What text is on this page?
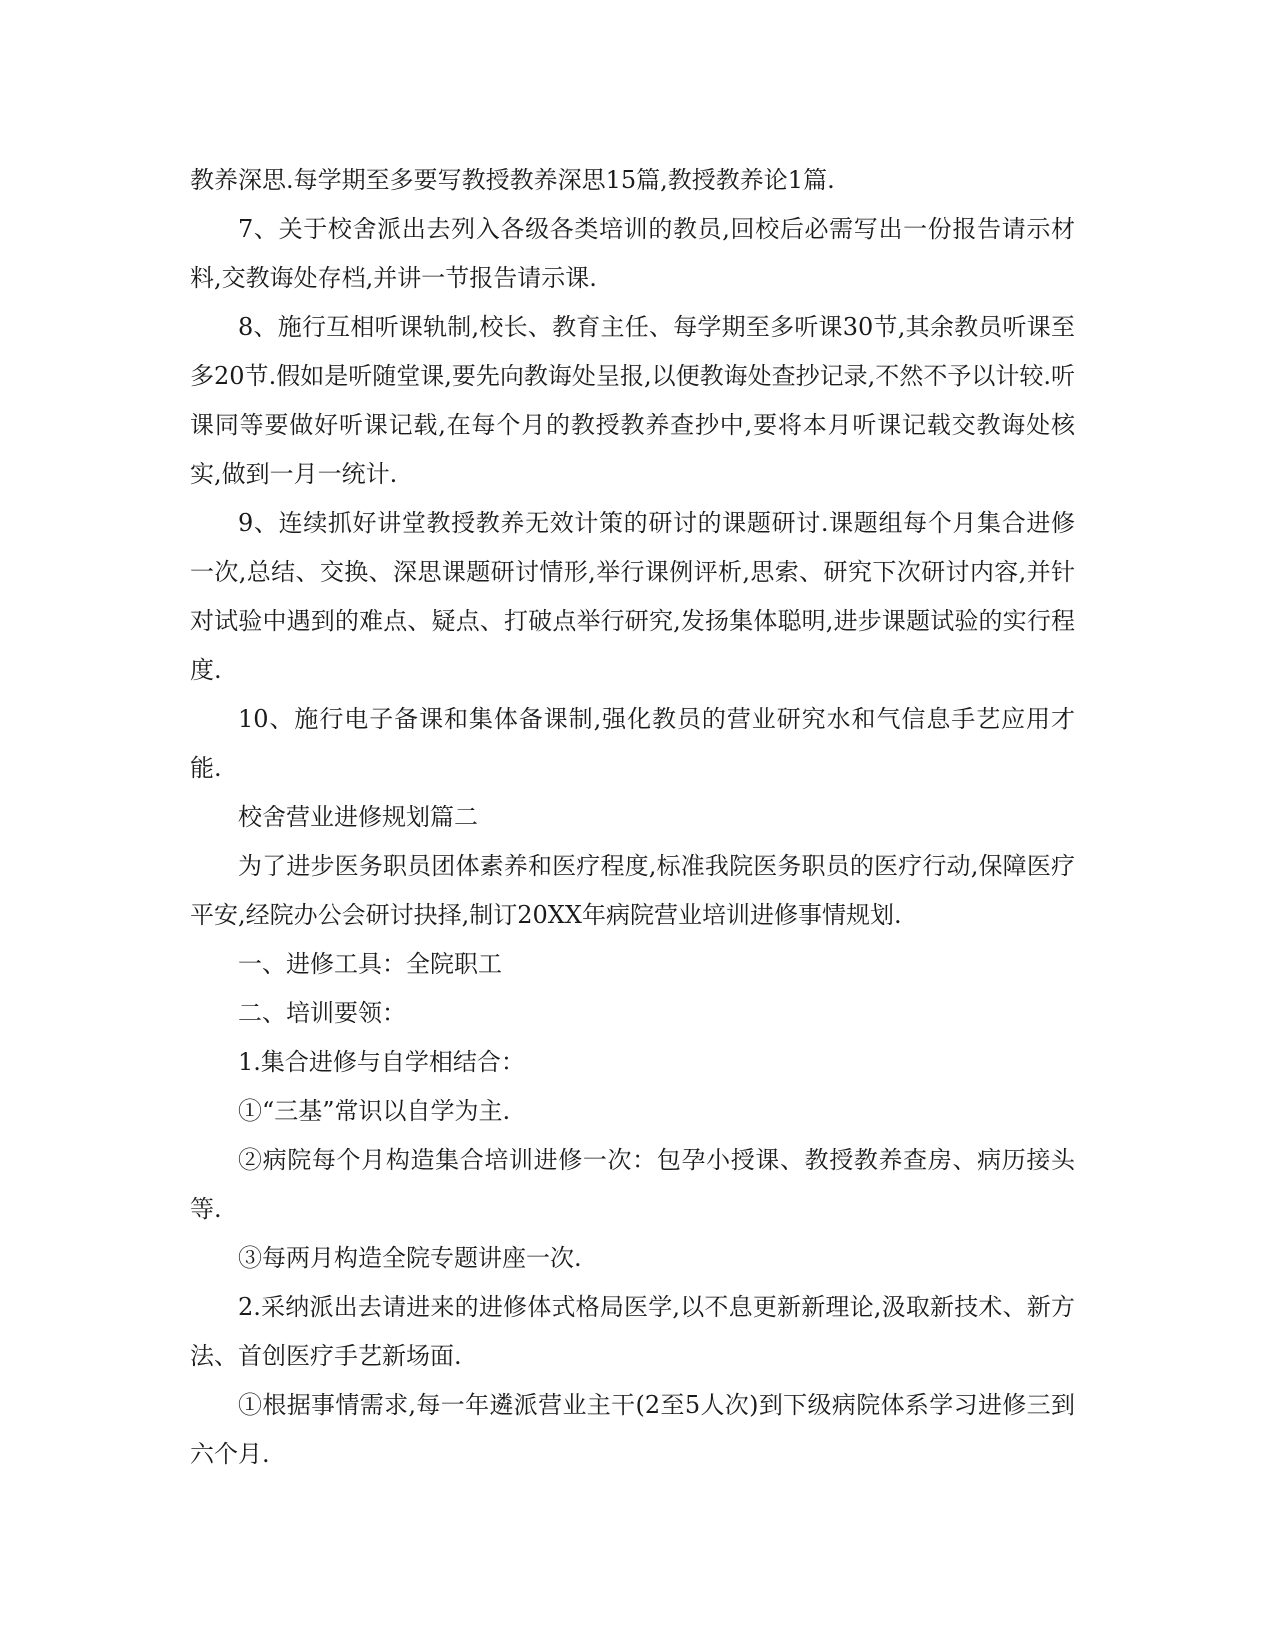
教养深思.每学期至多要写教授教养深思15篇,教授教养论1篇.

7、关于校舍派出去列入各级各类培训的教员,回校后必需写出一份报告请示材料,交教诲处存档,并讲一节报告请示课.

8、施行互相听课轨制,校长、教育主任、每学期至多听课30节,其余教员听课至多20节.假如是听随堂课,要先向教诲处呈报,以便教诲处查抄记录,不然不予以计较.听课同等要做好听课记载,在每个月的教授教养查抄中,要将本月听课记载交教诲处核实,做到一月一统计.

9、连续抓好讲堂教授教养无效计策的研讨的课题研讨.课题组每个月集合进修一次,总结、交换、深思课题研讨情形,举行课例评析,思索、研究下次研讨内容,并针对试验中遇到的难点、疑点、打破点举行研究,发扬集体聪明,进步课题试验的实行程度.

10、施行电子备课和集体备课制,强化教员的营业研究水和气信息手艺应用才能.

校舍营业进修规划篇二

为了进步医务职员团体素养和医疗程度,标准我院医务职员的医疗行动,保障医疗平安,经院办公会研讨抉择,制订20XX年病院营业培训进修事情规划.

一、进修工具：全院职工

二、培训要领：

1.集合进修与自学相结合：

①“三基”常识以自学为主.

②病院每个月构造集合培训进修一次：包孕小授课、教授教养查房、病历接头等.

③每两月构造全院专题讲座一次.

2.采纳派出去请进来的进修体式格局医学,以不息更新新理论,汲取新技术、新方法、首创医疗手艺新场面.

①根据事情需求,每一年遴派营业主干(2至5人次)到下级病院体系学习进修三到六个月.
